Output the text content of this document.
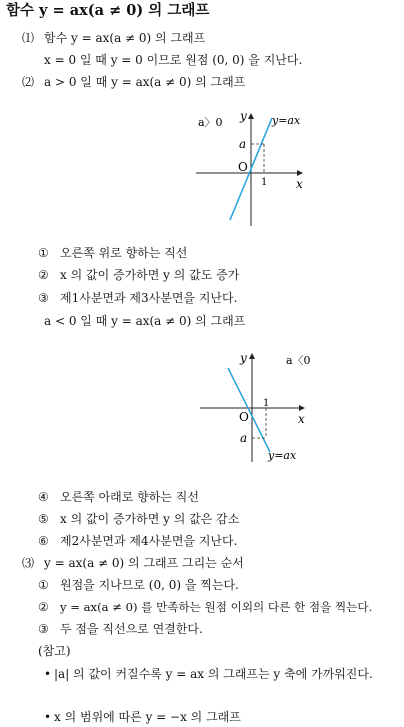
함수 y = ax(a ≠ 0) 의 그래프
⑴ 함수 y = ax(a ≠ 0) 의 그래프
x = 0 일 때 y = 0 이므로 원점 (0, 0) 을 지난다.
⑵ a > 0 일 때 y = ax(a ≠ 0) 의 그래프
a〉0 y y=ax
a
O
1 x
① 오른쪽 위로 향하는 직선
② x 의 값이 증가하면 y 의 값도 증가
③ 제1사분면과 제3사분면을 지난다.
a < 0 일 때 y = ax(a ≠ 0) 의 그래프
y	a〈0
1
O	x
a
y=ax
④ 오른쪽 아래로 향하는 직선
⑤ x 의 값이 증가하면 y 의 값은 감소
⑥ 제2사분면과 제4사분면을 지난다.
⑶ y = ax(a ≠ 0) 의 그래프 그리는 순서
① 원점을 지나므로 (0, 0) 을 찍는다.
② y = ax(a ≠ 0) 를 만족하는 원점 이외의 다른 한 점을 찍는다.
③ 두 점을 직선으로 연결한다.
(참고)
• |a| 의 값이 커질수록 y = ax 의 그래프는 y 축에 가까워진다.
• x 의 범위에 따른 y = −x 의 그래프
